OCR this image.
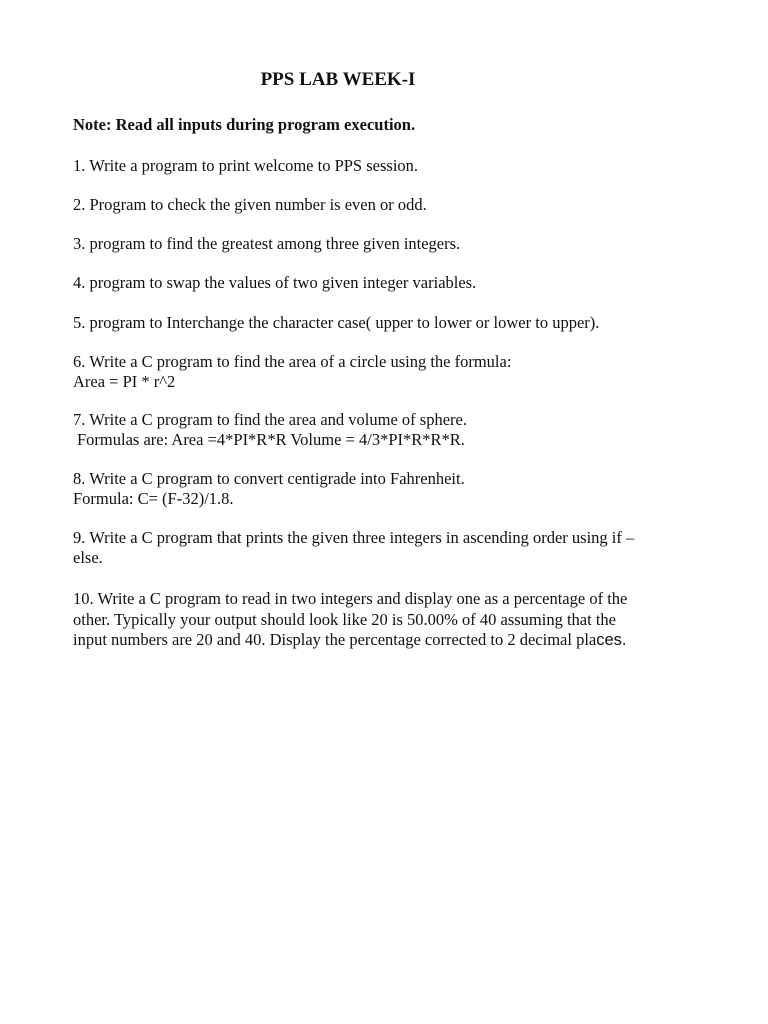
PPS LAB WEEK-I

Note: Read all inputs during program execution.

1. Write a program to print welcome to PPS session.
2. Program to check the given number is even or odd.
3. program to find the greatest among three given integers.
4. program to swap the values of two given integer variables.
5. program to Interchange the character case( upper to lower or lower to upper).
6. Write a C program to find the area of a circle using the formula:
Area = PI * r^2
7. Write a C program to find the area and volume of sphere.
Formulas are: Area =4*PI*R*R Volume = 4/3*PI*R*R*R.
8. Write a C program to convert centigrade into Fahrenheit.
Formula: C= (F-32)/1.8.
9. Write a C program that prints the given three integers in ascending order using if –
else.
10. Write a C program to read in two integers and display one as a percentage of the
other. Typically your output should look like 20 is 50.00% of 40 assuming that the
input numbers are 20 and 40. Display the percentage corrected to 2 decimal places.
